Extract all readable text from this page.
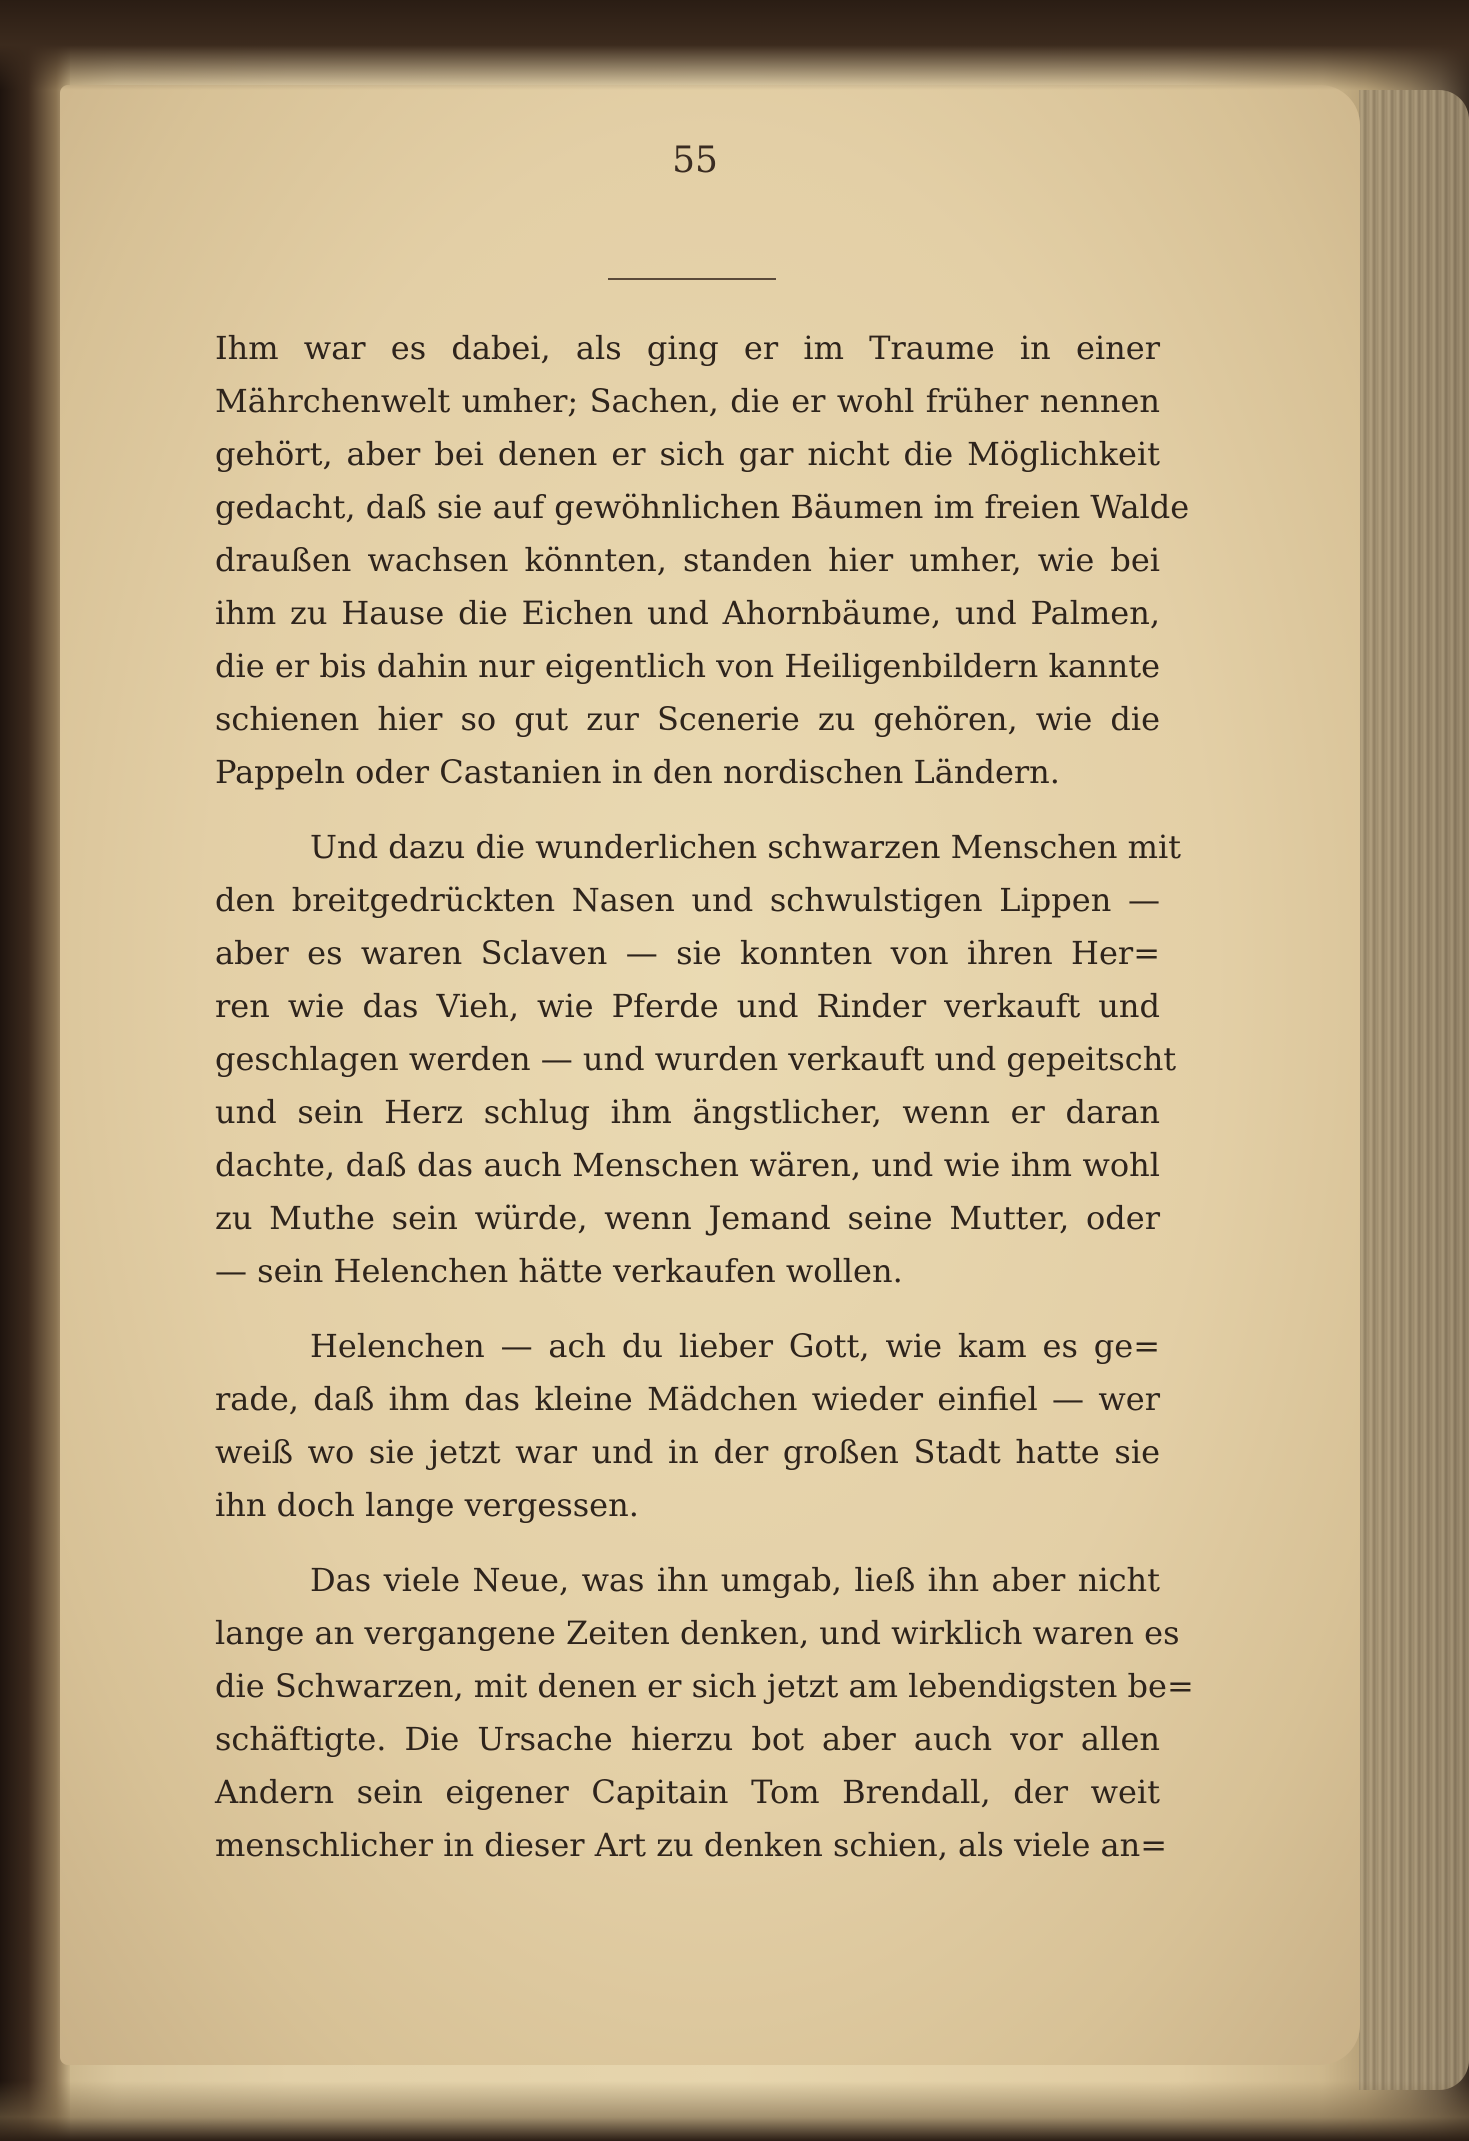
55
Ihm war es dabei, als ging er im Traume in einer
Mährchenwelt umher; Sachen, die er wohl früher nennen
gehört, aber bei denen er sich gar nicht die Möglichkeit
gedacht, daß sie auf gewöhnlichen Bäumen im freien Walde
draußen wachsen könnten, standen hier umher, wie bei
ihm zu Hause die Eichen und Ahornbäume, und Palmen,
die er bis dahin nur eigentlich von Heiligenbildern kannte
schienen hier so gut zur Scenerie zu gehören, wie die
Pappeln oder Castanien in den nordischen Ländern.
Und dazu die wunderlichen schwarzen Menschen mit
den breitgedrückten Nasen und schwulstigen Lippen —
aber es waren Sclaven — sie konnten von ihren Her=
ren wie das Vieh, wie Pferde und Rinder verkauft und
geschlagen werden — und wurden verkauft und gepeitscht
und sein Herz schlug ihm ängstlicher, wenn er daran
dachte, daß das auch Menschen wären, und wie ihm wohl
zu Muthe sein würde, wenn Jemand seine Mutter, oder
— sein Helenchen hätte verkaufen wollen.
Helenchen — ach du lieber Gott, wie kam es ge=
rade, daß ihm das kleine Mädchen wieder einfiel — wer
weiß wo sie jetzt war und in der großen Stadt hatte sie
ihn doch lange vergessen.
Das viele Neue, was ihn umgab, ließ ihn aber nicht
lange an vergangene Zeiten denken, und wirklich waren es
die Schwarzen, mit denen er sich jetzt am lebendigsten be=
schäftigte. Die Ursache hierzu bot aber auch vor allen
Andern sein eigener Capitain Tom Brendall, der weit
menschlicher in dieser Art zu denken schien, als viele an=
